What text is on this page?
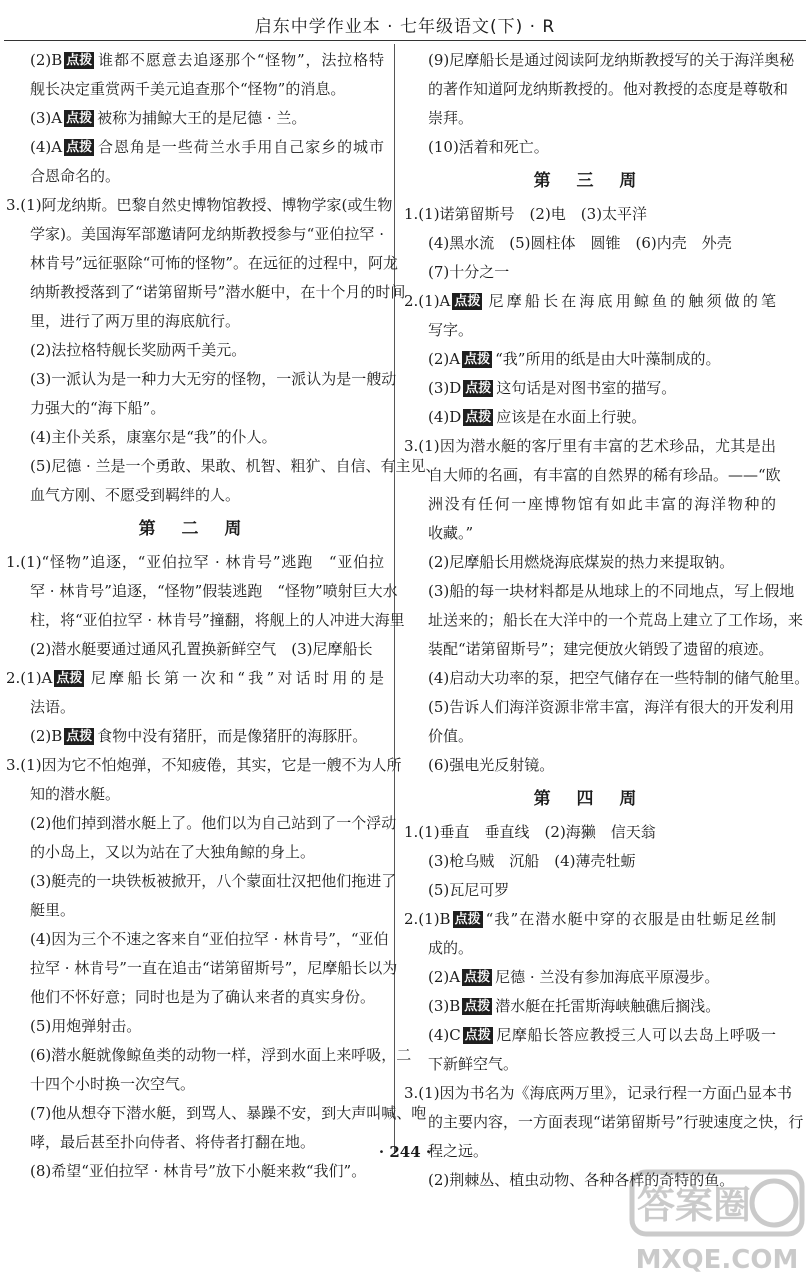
启东中学作业本 · 七年级语文(下) · R
(2)B 点拨 谁都不愿意去追逐那个“怪物”，法拉格特
舰长决定重赏两千美元追查那个“怪物”的消息。
(3)A 点拨 被称为捕鲸大王的是尼德 · 兰。
(4)A 点拨 合恩角是一些荷兰水手用自己家乡的城市
合恩命名的。
3.(1)阿龙纳斯。巴黎自然史博物馆教授、博物学家(或生物
学家)。美国海军部邀请阿龙纳斯教授参与“亚伯拉罕 ·
林肯号”远征驱除“可怖的怪物”。在远征的过程中，阿龙
纳斯教授落到了“诺第留斯号”潜水艇中，在十个月的时间
里，进行了两万里的海底航行。
(2)法拉格特舰长奖励两千美元。
(3)一派认为是一种力大无穷的怪物，一派认为是一艘动
力强大的“海下船”。
(4)主仆关系，康塞尔是“我”的仆人。
(5)尼德 · 兰是一个勇敢、果敢、机智、粗犷、自信、有主见、
血气方刚、不愿受到羁绊的人。
第 二 周
1.(1)“怪物”追逐，“亚伯拉罕 · 林肯号”逃跑　“亚伯拉
罕 · 林肯号”追逐，“怪物”假装逃跑　“怪物”喷射巨大水
柱，将“亚伯拉罕 · 林肯号”撞翻，将舰上的人冲进大海里
(2)潜水艇要通过通风孔置换新鲜空气　(3)尼摩船长
2.(1)A 点拨 尼摩船长第一次和“我”对话时用的是
法语。
(2)B 点拨 食物中没有猪肝，而是像猪肝的海豚肝。
3.(1)因为它不怕炮弹，不知疲倦，其实，它是一艘不为人所
知的潜水艇。
(2)他们掉到潜水艇上了。他们以为自己站到了一个浮动
的小岛上，又以为站在了大独角鲸的身上。
(3)艇壳的一块铁板被掀开，八个蒙面壮汉把他们拖进了
艇里。
(4)因为三个不速之客来自“亚伯拉罕 · 林肯号”，“亚伯
拉罕 · 林肯号”一直在追击“诺第留斯号”，尼摩船长以为
他们不怀好意；同时也是为了确认来者的真实身份。
(5)用炮弹射击。
(6)潜水艇就像鲸鱼类的动物一样，浮到水面上来呼吸，二
十四个小时换一次空气。
(7)他从想夺下潜水艇，到骂人、暴躁不安，到大声叫喊、咆
哮，最后甚至扑向侍者、将侍者打翻在地。
(8)希望“亚伯拉罕 · 林肯号”放下小艇来救“我们”。
(9)尼摩船长是通过阅读阿龙纳斯教授写的关于海洋奥秘
的著作知道阿龙纳斯教授的。他对教授的态度是尊敬和
崇拜。
(10)活着和死亡。
第 三 周
1.(1)诺第留斯号　(2)电　(3)太平洋
(4)黑水流　(5)圆柱体　圆锥　(6)内壳　外壳
(7)十分之一
2.(1)A 点拨 尼摩船长在海底用鲸鱼的触须做的笔
写字。
(2)A 点拨 “我”所用的纸是由大叶藻制成的。
(3)D 点拨 这句话是对图书室的描写。
(4)D 点拨 应该是在水面上行驶。
3.(1)因为潜水艇的客厅里有丰富的艺术珍品，尤其是出
自大师的名画，有丰富的自然界的稀有珍品。——“欧
洲没有任何一座博物馆有如此丰富的海洋物种的
收藏。”
(2)尼摩船长用燃烧海底煤炭的热力来提取钠。
(3)船的每一块材料都是从地球上的不同地点，写上假地
址送来的；船长在大洋中的一个荒岛上建立了工作场，来
装配“诺第留斯号”；建完便放火销毁了遗留的痕迹。
(4)启动大功率的泵，把空气储存在一些特制的储气舱里。
(5)告诉人们海洋资源非常丰富，海洋有很大的开发利用
价值。
(6)强电光反射镜。
第 四 周
1.(1)垂直　垂直线　(2)海獭　信天翁
(3)枪乌贼　沉船　(4)薄壳牡蛎
(5)瓦尼可罗
2.(1)B 点拨 “我”在潜水艇中穿的衣服是由牡蛎足丝制
成的。
(2)A 点拨 尼德 · 兰没有参加海底平原漫步。
(3)B 点拨 潜水艇在托雷斯海峡触礁后搁浅。
(4)C 点拨 尼摩船长答应教授三人可以去岛上呼吸一
下新鲜空气。
3.(1)因为书名为《海底两万里》，记录行程一方面凸显本书
的主要内容，一方面表现“诺第留斯号”行驶速度之快，行
程之远。
(2)荆棘丛、植虫动物、各种各样的奇特的鱼。
· 244 ·
答案圈
MXQE.COM
